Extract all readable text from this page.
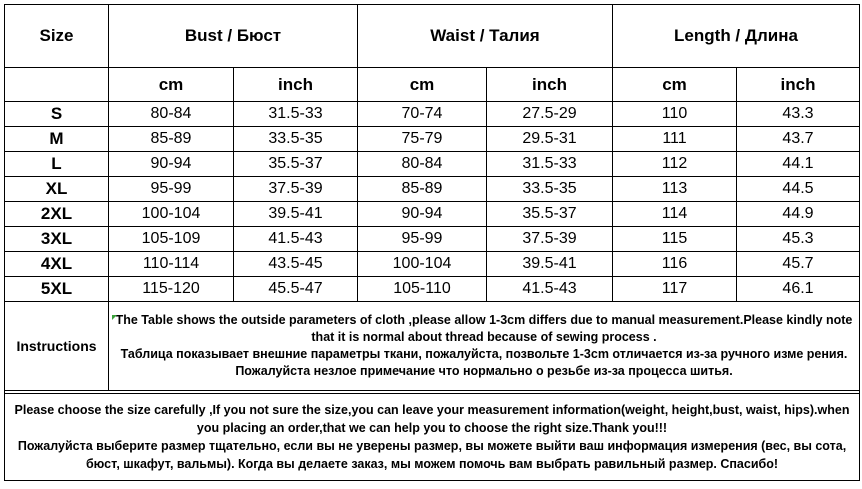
Size	Bust / Бюст		Waist / Талия		Length / Длина	
	cm	inch	cm	inch	cm	inch
S	80-84	31.5-33	70-74	27.5-29	110	43.3
M	85-89	33.5-35	75-79	29.5-31	111	43.7
L	90-94	35.5-37	80-84	31.5-33	112	44.1
XL	95-99	37.5-39	85-89	33.5-35	113	44.5
2XL	100-104	39.5-41	90-94	35.5-37	114	44.9
3XL	105-109	41.5-43	95-99	37.5-39	115	45.3
4XL	110-114	43.5-45	100-104	39.5-41	116	45.7
5XL	115-120	45.5-47	105-110	41.5-43	117	46.1
Instructions	The Table shows the outside parameters of cloth ,please allow 1-3cm differs due to manual measurement.Please kindly note that it is normal about thread because of sewing process .

Таблица показывает внешние параметры ткани, пожалуйста, позвольте 1-3cm отличается из-за ручного изме рения. Пожалуйста незлое примечание что нормально о резьбе из-за процесса шитья.					

Please choose the size carefully ,If you not sure the size,you can leave your measurement information(weight, height,bust, waist, hips).when you placing an order,that we can help you to choose the right size.Thank you!!!

Пожалуйста выберите размер тщательно, если вы не уверены размер, вы можете выйти ваш информация измерения (вес, вы сота, бюст, шкафут, вальмы). Когда вы делаете заказ, мы можем помочь вам выбрать равильный размер. Спасибо!						
